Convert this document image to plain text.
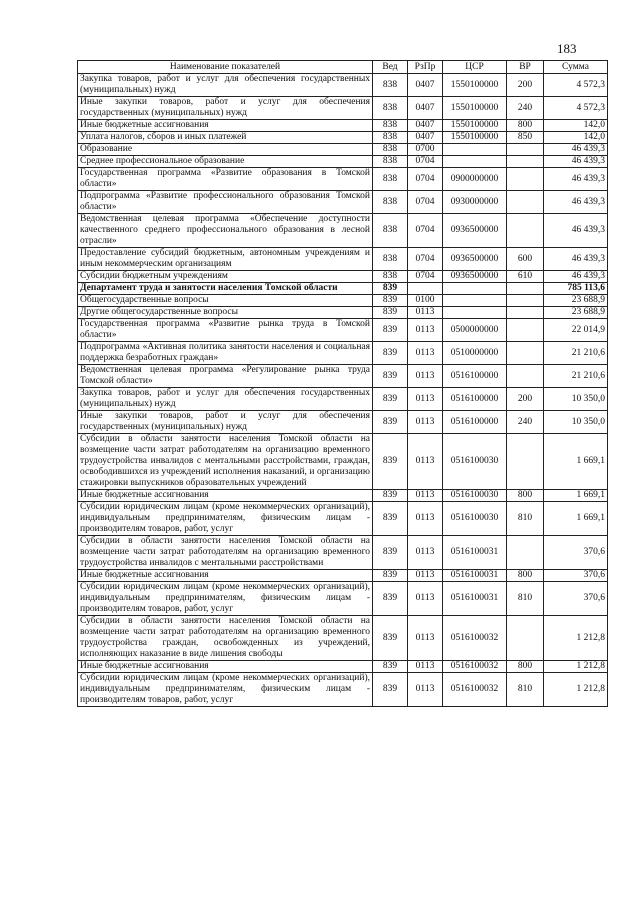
183
Наименование показателей	Вед	РзПр	ЦСР	ВР	Сумма
Закупка товаров, работ и услуг для обеспечения государственных (муниципальных) нужд	838	0407	1550100000	200	4 572,3
Иные закупки товаров, работ и услуг для обеспечения государственных (муниципальных) нужд	838	0407	1550100000	240	4 572,3
Иные бюджетные ассигнования	838	0407	1550100000	800	142,0
Уплата налогов, сборов и иных платежей	838	0407	1550100000	850	142,0
Образование	838	0700			46 439,3
Среднее профессиональное образование	838	0704			46 439,3
Государственная программа «Развитие образования в Томской области»	838	0704	0900000000		46 439,3
Подпрограмма «Развитие профессионального образования Томской области»	838	0704	0930000000		46 439,3
Ведомственная целевая программа «Обеспечение доступности качественного среднего профессионального образования в лесной отрасли»	838	0704	0936500000		46 439,3
Предоставление субсидий бюджетным, автономным учреждениям и иным некоммерческим организациям	838	0704	0936500000	600	46 439,3
Субсидии бюджетным учреждениям	838	0704	0936500000	610	46 439,3
Департамент труда и занятости населения Томской области	839				785 113,6
Общегосударственные вопросы	839	0100			23 688,9
Другие общегосударственные вопросы	839	0113			23 688,9
Государственная программа «Развитие рынка труда в Томской области»	839	0113	0500000000		22 014,9
Подпрограмма «Активная политика занятости населения и социальная поддержка безработных граждан»	839	0113	0510000000		21 210,6
Ведомственная целевая программа «Регулирование рынка труда Томской области»	839	0113	0516100000		21 210,6
Закупка товаров, работ и услуг для обеспечения государственных (муниципальных) нужд	839	0113	0516100000	200	10 350,0
Иные закупки товаров, работ и услуг для обеспечения государственных (муниципальных) нужд	839	0113	0516100000	240	10 350,0
Субсидии в области занятости населения Томской области на возмещение части затрат работодателям на организацию временного трудоустройства инвалидов с ментальными расстройствами, граждан, освободившихся из учреждений исполнения наказаний, и организацию стажировки выпускников образовательных учреждений	839	0113	0516100030		1 669,1
Иные бюджетные ассигнования	839	0113	0516100030	800	1 669,1
Субсидии юридическим лицам (кроме некоммерческих организаций), индивидуальным предпринимателям, физическим лицам - производителям товаров, работ, услуг	839	0113	0516100030	810	1 669,1
Субсидии в области занятости населения Томской области на возмещение части затрат работодателям на организацию временного трудоустройства инвалидов с ментальными расстройствами	839	0113	0516100031		370,6
Иные бюджетные ассигнования	839	0113	0516100031	800	370,6
Субсидии юридическим лицам (кроме некоммерческих организаций), индивидуальным предпринимателям, физическим лицам - производителям товаров, работ, услуг	839	0113	0516100031	810	370,6
Субсидии в области занятости населения Томской области на возмещение части затрат работодателям на организацию временного трудоустройства граждан, освобожденных из учреждений, исполняющих наказание в виде лишения свободы	839	0113	0516100032		1 212,8
Иные бюджетные ассигнования	839	0113	0516100032	800	1 212,8
Субсидии юридическим лицам (кроме некоммерческих организаций), индивидуальным предпринимателям, физическим лицам - производителям товаров, работ, услуг	839	0113	0516100032	810	1 212,8
